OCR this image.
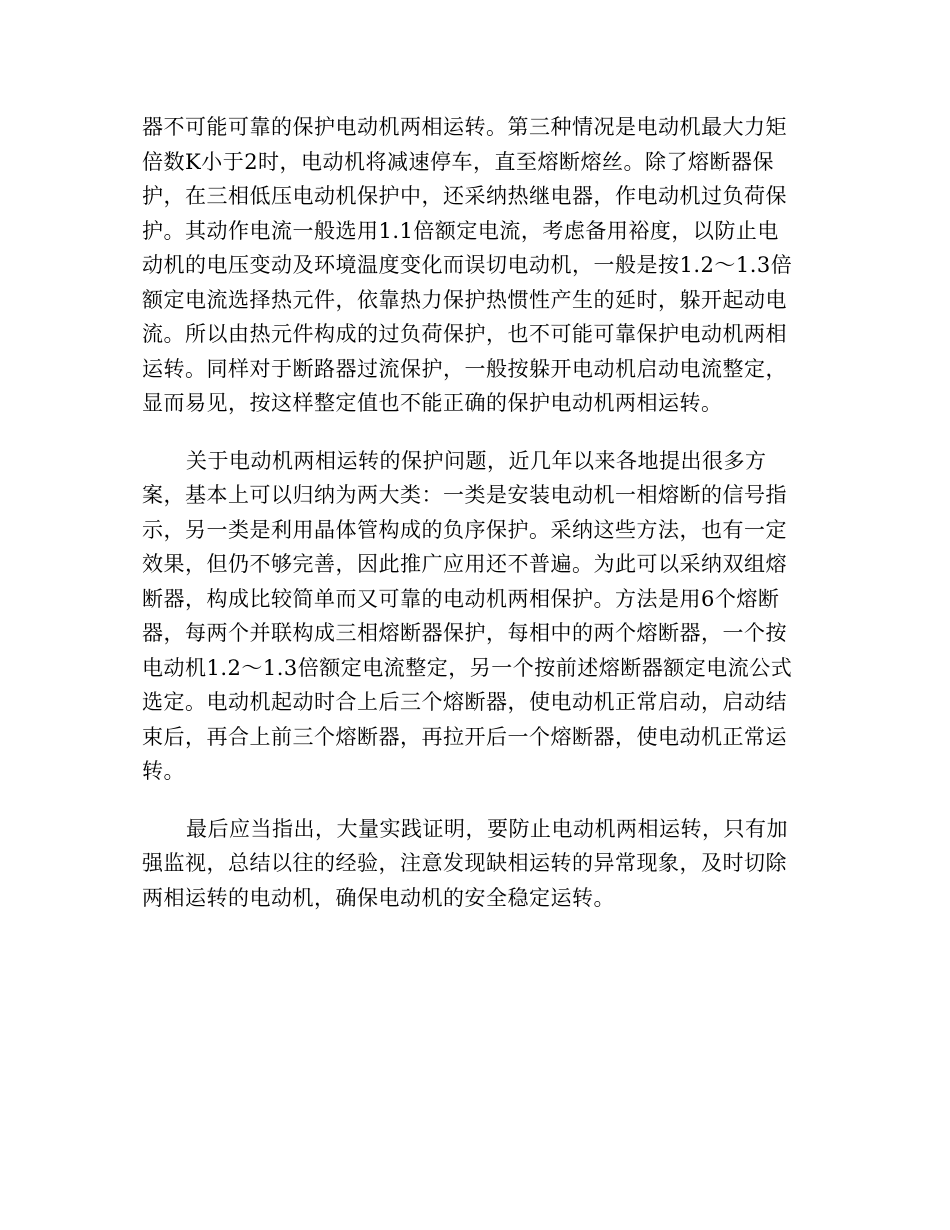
器不可能可靠的保护电动机两相运转。第三种情况是电动机最大力矩
倍数K小于2时，电动机将减速停车，直至熔断熔丝。除了熔断器保
护，在三相低压电动机保护中，还采纳热继电器，作电动机过负荷保
护。其动作电流一般选用1.1倍额定电流，考虑备用裕度，以防止电
动机的电压变动及环境温度变化而误切电动机，一般是按1.2～1.3倍
额定电流选择热元件，依靠热力保护热惯性产生的延时，躲开起动电
流。所以由热元件构成的过负荷保护，也不可能可靠保护电动机两相
运转。同样对于断路器过流保护，一般按躲开电动机启动电流整定，
显而易见，按这样整定值也不能正确的保护电动机两相运转。

关于电动机两相运转的保护问题，近几年以来各地提出很多方
案，基本上可以归纳为两大类：一类是安装电动机一相熔断的信号指
示，另一类是利用晶体管构成的负序保护。采纳这些方法，也有一定
效果，但仍不够完善，因此推广应用还不普遍。为此可以采纳双组熔
断器，构成比较简单而又可靠的电动机两相保护。方法是用6个熔断
器，每两个并联构成三相熔断器保护，每相中的两个熔断器，一个按
电动机1.2～1.3倍额定电流整定，另一个按前述熔断器额定电流公式
选定。电动机起动时合上后三个熔断器，使电动机正常启动，启动结
束后，再合上前三个熔断器，再拉开后一个熔断器，使电动机正常运
转。

最后应当指出，大量实践证明，要防止电动机两相运转，只有加
强监视，总结以往的经验，注意发现缺相运转的异常现象，及时切除
两相运转的电动机，确保电动机的安全稳定运转。
